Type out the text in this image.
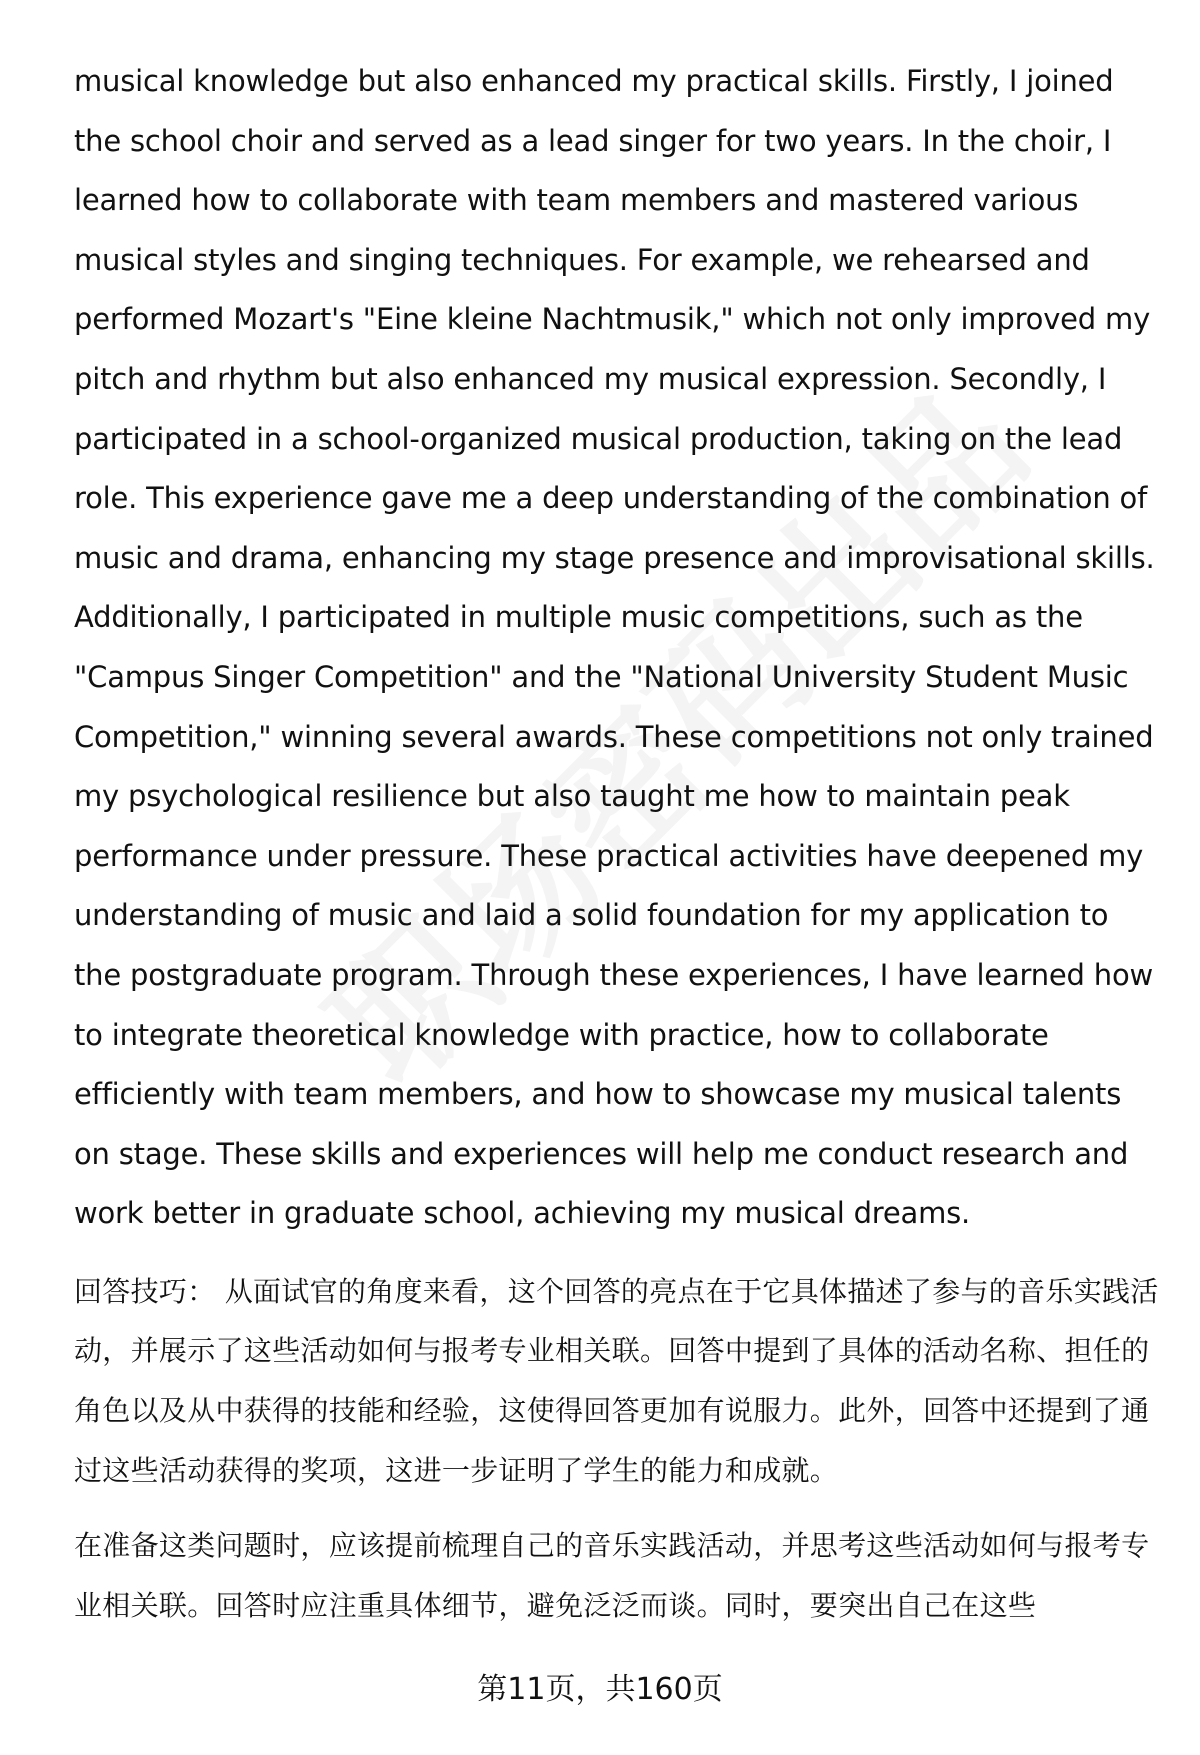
musical knowledge but also enhanced my practical skills. Firstly, I joined the school choir and served as a lead singer for two years. In the choir, I learned how to collaborate with team members and mastered various musical styles and singing techniques. For example, we rehearsed and performed Mozart's "Eine kleine Nachtmusik," which not only improved my pitch and rhythm but also enhanced my musical expression. Secondly, I participated in a school-organized musical production, taking on the lead role. This experience gave me a deep understanding of the combination of music and drama, enhancing my stage presence and improvisational skills. Additionally, I participated in multiple music competitions, such as the "Campus Singer Competition" and the "National University Student Music Competition," winning several awards. These competitions not only trained my psychological resilience but also taught me how to maintain peak performance under pressure. These practical activities have deepened my understanding of music and laid a solid foundation for my application to the postgraduate program. Through these experiences, I have learned how to integrate theoretical knowledge with practice, how to collaborate efficiently with team members, and how to showcase my musical talents on stage. These skills and experiences will help me conduct research and work better in graduate school, achieving my musical dreams.

回答技巧： 从面试官的角度来看，这个回答的亮点在于它具体描述了参与的音乐实践活动，并展示了这些活动如何与报考专业相关联。回答中提到了具体的活动名称、担任的角色以及从中获得的技能和经验，这使得回答更加有说服力。此外，回答中还提到了通过这些活动获得的奖项，这进一步证明了学生的能力和成就。

在准备这类问题时，应该提前梳理自己的音乐实践活动，并思考这些活动如何与报考专业相关联。回答时应注重具体细节，避免泛泛而谈。同时，要突出自己在这些

第11页，共160页
